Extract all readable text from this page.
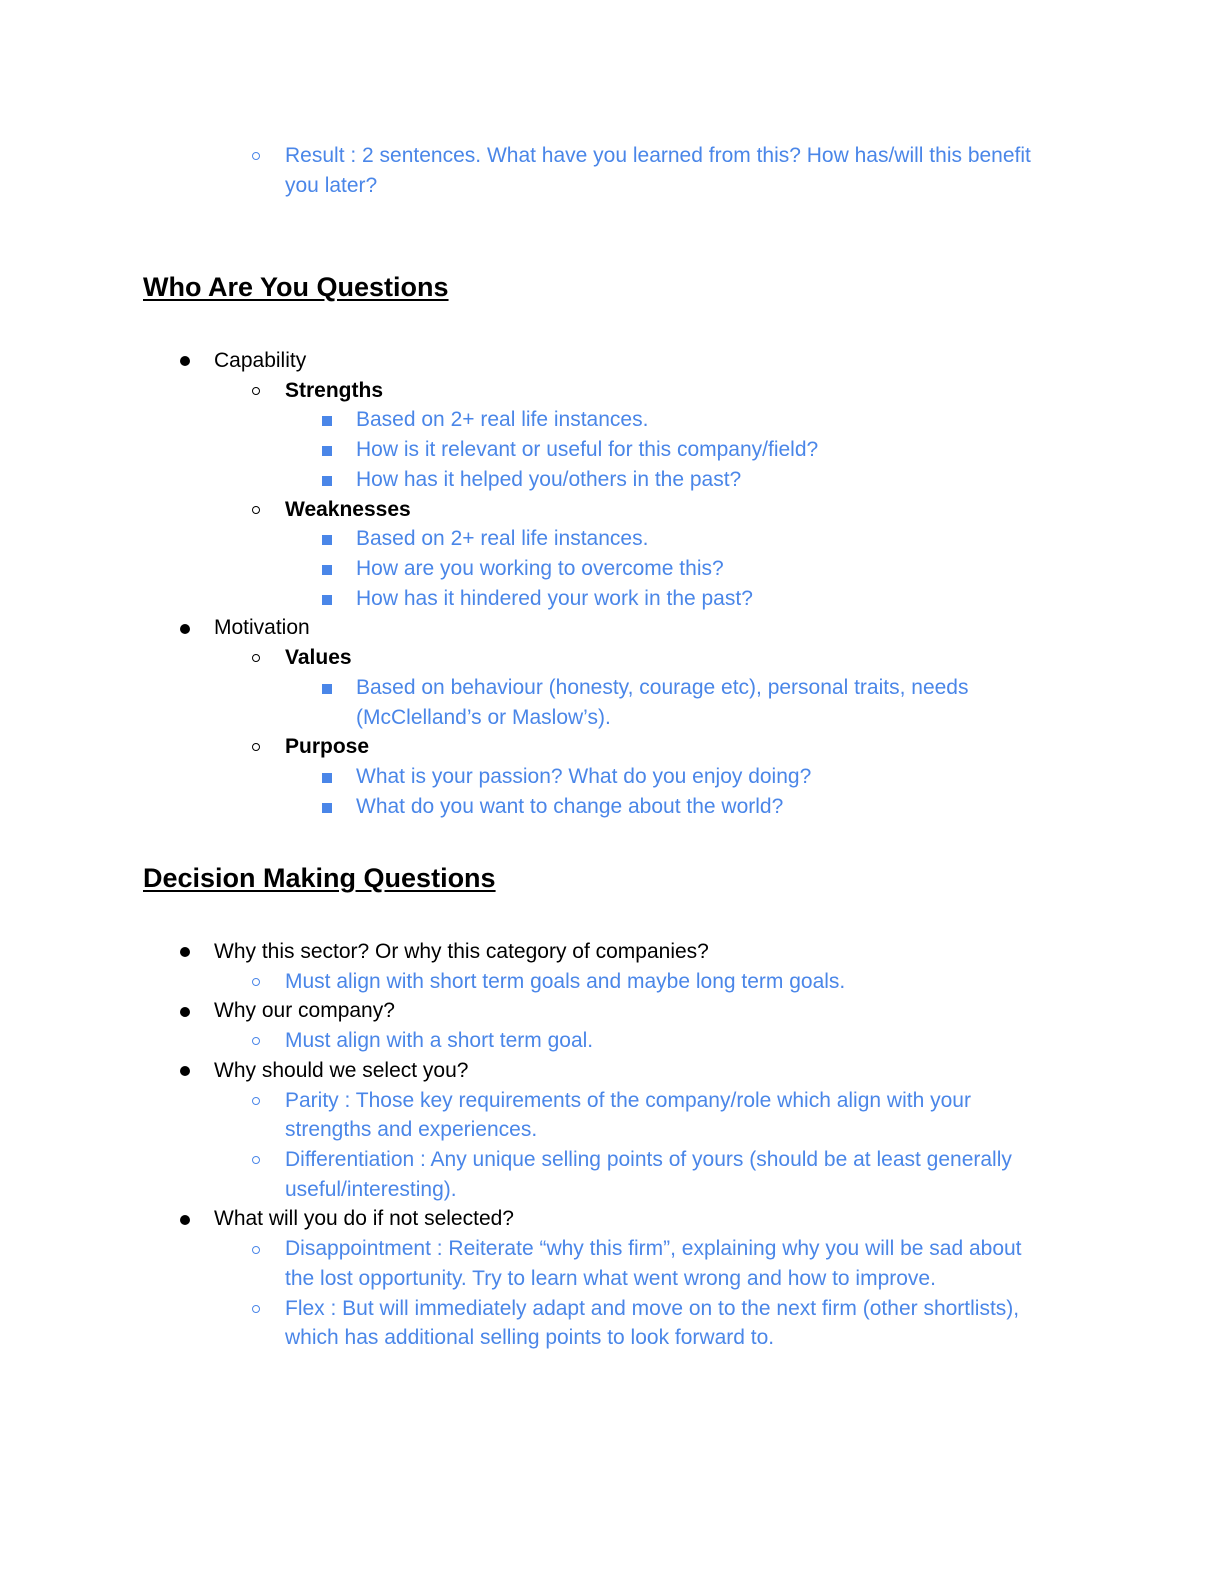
Result : 2 sentences. What have you learned from this? How has/will this benefit
you later?
Who Are You Questions
Capability
Strengths
Based on 2+ real life instances.
How is it relevant or useful for this company/field?
How has it helped you/others in the past?
Weaknesses
Based on 2+ real life instances.
How are you working to overcome this?
How has it hindered your work in the past?
Motivation
Values
Based on behaviour (honesty, courage etc), personal traits, needs
(McClelland’s or Maslow’s).
Purpose
What is your passion? What do you enjoy doing?
What do you want to change about the world?
Decision Making Questions
Why this sector? Or why this category of companies?
Must align with short term goals and maybe long term goals.
Why our company?
Must align with a short term goal.
Why should we select you?
Parity : Those key requirements of the company/role which align with your
strengths and experiences.
Differentiation : Any unique selling points of yours (should be at least generally
useful/interesting).
What will you do if not selected?
Disappointment : Reiterate “why this firm”, explaining why you will be sad about
the lost opportunity. Try to learn what went wrong and how to improve.
Flex : But will immediately adapt and move on to the next firm (other shortlists),
which has additional selling points to look forward to.
